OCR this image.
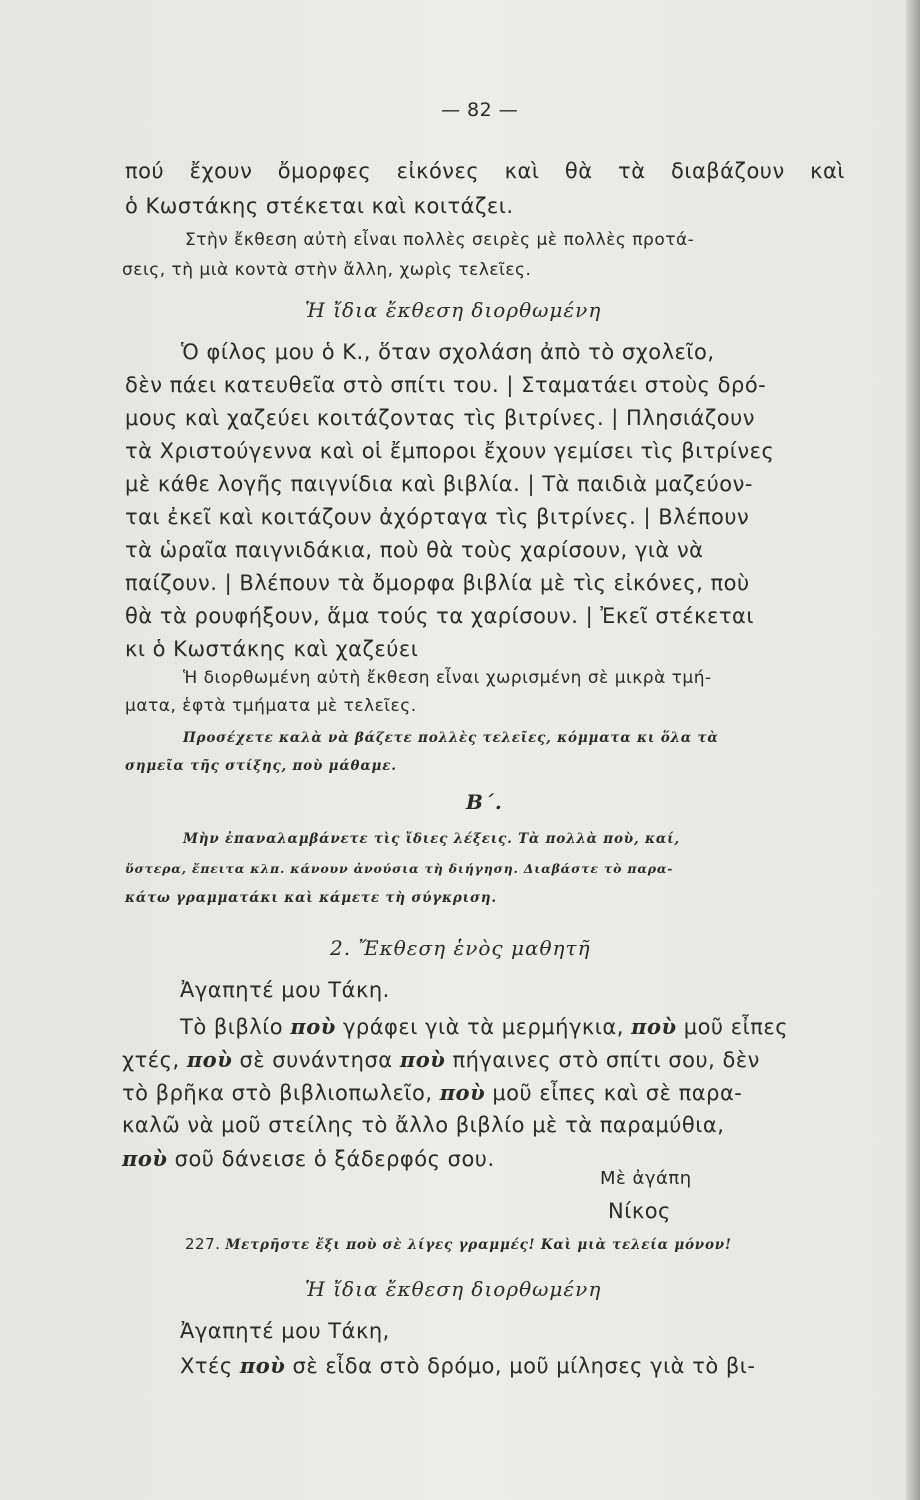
— 82 —
πού ἔχουν ὄμορφες εἰκόνες καὶ θὰ τὰ διαβάζουν καὶ
ὁ Κωστάκης στέκεται καὶ κοιτάζει.
Στὴν ἔκθεση αὐτὴ εἶναι πολλὲς σειρὲς μὲ πολλὲς προτά-
σεις, τὴ μιὰ κοντὰ στὴν ἄλλη, χωρὶς τελεῖες.
Ἡ ἴδια ἔκθεση διορθωμένη
Ὁ φίλος μου ὁ Κ., ὅταν σχολάση ἀπὸ τὸ σχολεῖο,
δὲν πάει κατευθεῖα στὸ σπίτι του. | Σταματάει στοὺς δρό-
μους καὶ χαζεύει κοιτάζοντας τὶς βιτρίνες. | Πλησιάζουν
τὰ Χριστούγεννα καὶ οἱ ἔμποροι ἔχουν γεμίσει τὶς βιτρίνες
μὲ κάθε λογῆς παιγνίδια καὶ βιβλία. | Τὰ παιδιὰ μαζεύον-
ται ἐκεῖ καὶ κοιτάζουν ἀχόρταγα τὶς βιτρίνες. | Βλέπουν
τὰ ὡραῖα παιγνιδάκια, ποὺ θὰ τοὺς χαρίσουν, γιὰ νὰ
παίζουν. | Βλέπουν τὰ ὄμορφα βιβλία μὲ τὶς εἰκόνες, ποὺ
θὰ τὰ ρουφήξουν, ἅμα τούς τα χαρίσουν. | Ἐκεῖ στέκεται
κι ὁ Κωστάκης καὶ χαζεύει
Ἡ διορθωμένη αὐτὴ ἔκθεση εἶναι χωρισμένη σὲ μικρὰ τμή-
ματα, ἑφτὰ τμήματα μὲ τελεῖες.
Προσέχετε καλὰ νὰ βάζετε πολλὲς τελεῖες, κόμματα κι ὅλα τὰ
σημεῖα τῆς στίξης, ποὺ μάθαμε.
Β΄.
Μὴν ἐπαναλαμβάνετε τὶς ἴδιες λέξεις. Τὰ πολλὰ ποὺ, καί,
ὕστερα, ἔπειτα κλπ. κάνουν ἀνούσια τὴ διήγηση. Διαβάστε τὸ παρα-
κάτω γραμματάκι καὶ κάμετε τὴ σύγκριση.
2. Ἔκθεση ἑνὸς μαθητῆ
Ἀγαπητέ μου Τάκη.
Τὸ βιβλίο ποὺ γράφει γιὰ τὰ μερμήγκια, ποὺ μοῦ εἶπες
χτές, ποὺ σὲ συνάντησα ποὺ πήγαινες στὸ σπίτι σου, δὲν
τὸ βρῆκα στὸ βιβλιοπωλεῖο, ποὺ μοῦ εἶπες καὶ σὲ παρα-
καλῶ νὰ μοῦ στείλης τὸ ἄλλο βιβλίο μὲ τὰ παραμύθια,
ποὺ σοῦ δάνεισε ὁ ξάδερφός σου.
Μὲ ἀγάπη
Νίκος
227. Μετρῆστε ἔξι ποὺ σὲ λίγες γραμμές! Καὶ μιὰ τελεία μόνον!
Ἡ ἴδια ἔκθεση διορθωμένη
Ἀγαπητέ μου Τάκη,
Χτές ποὺ σὲ εἶδα στὸ δρόμο, μοῦ μίλησες γιὰ τὸ βι-
